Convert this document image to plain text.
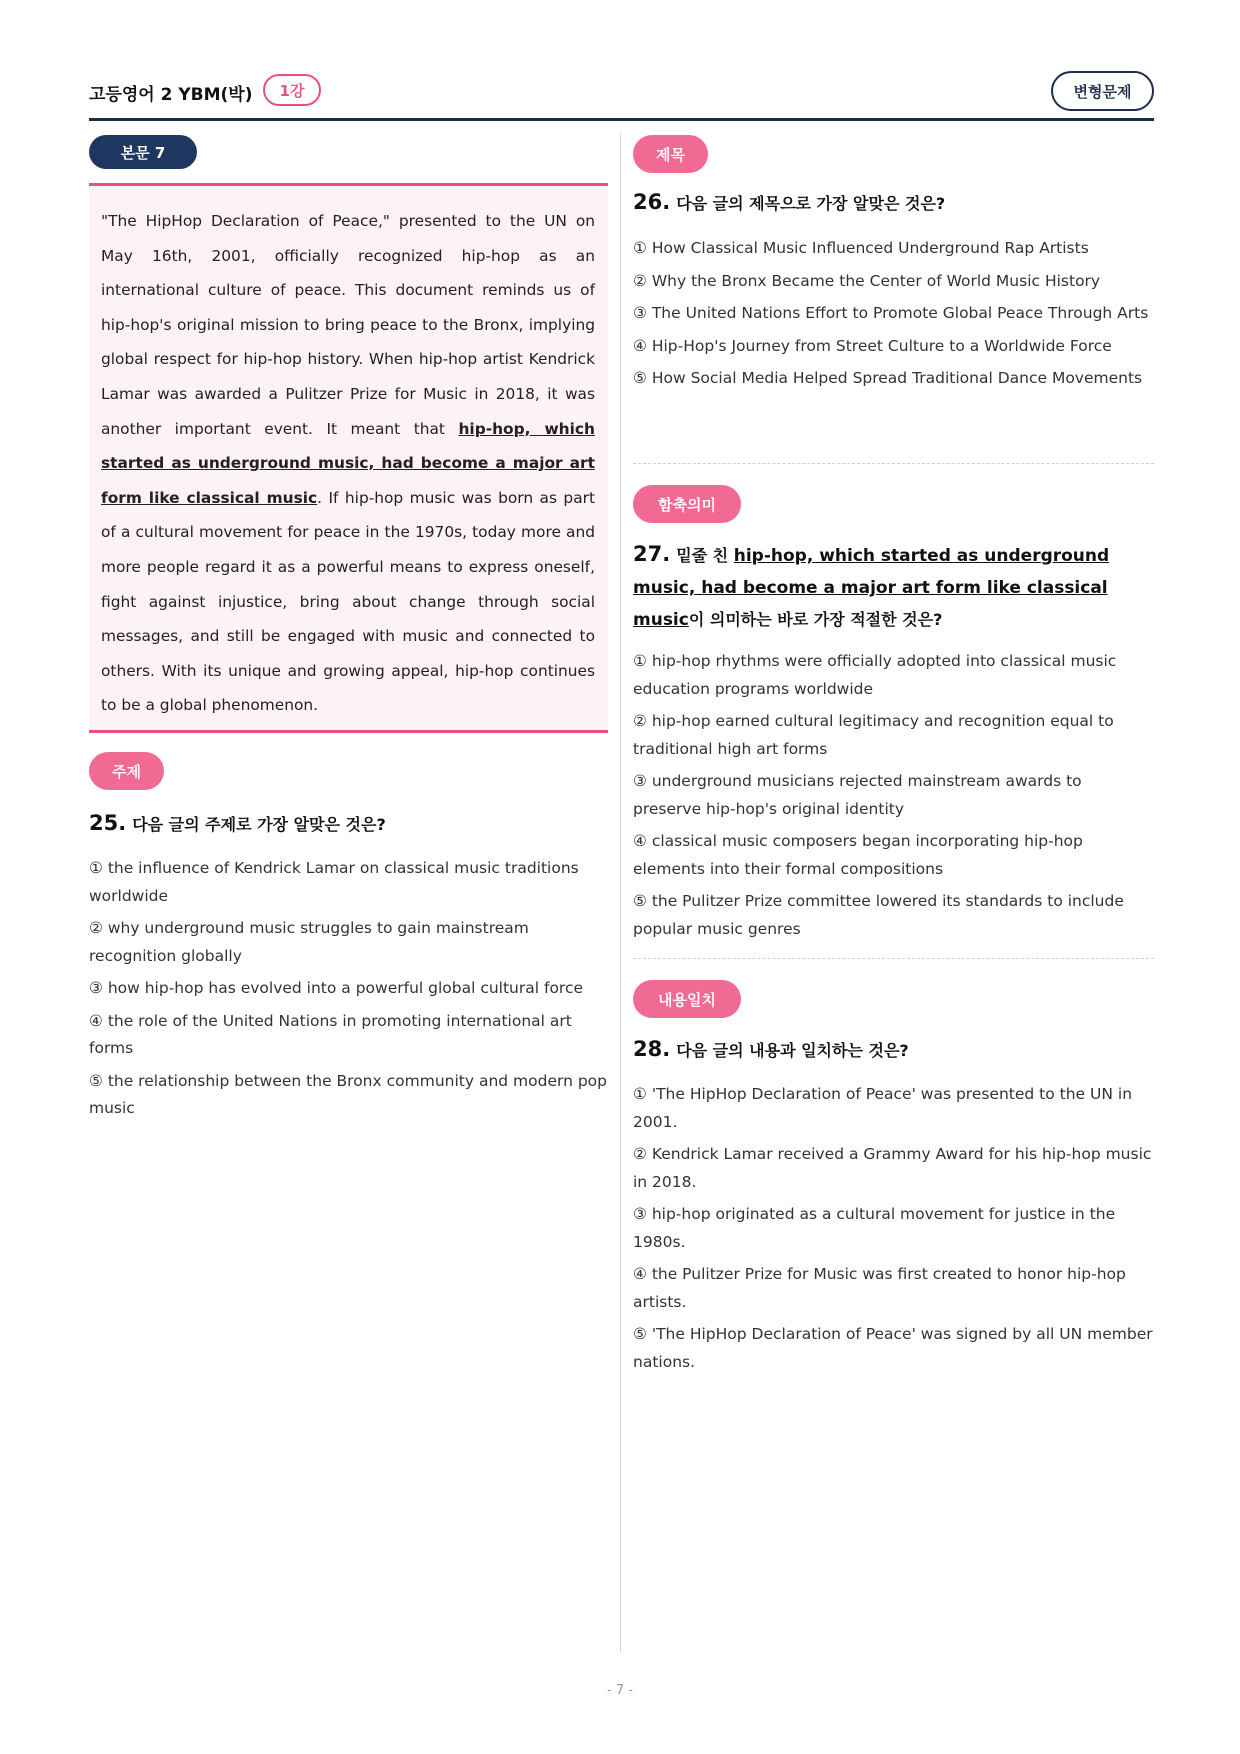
고등영어 2 YBM(박)	1강	변형문제
본문 7

"The HipHop Declaration of Peace," presented to the UN on May 16th, 2001, officially recognized hip-hop as an international culture of peace. This document reminds us of hip-hop's original mission to bring peace to the Bronx, implying global respect for hip-hop history. When hip-hop artist Kendrick Lamar was awarded a Pulitzer Prize for Music in 2018, it was another important event. It meant that hip-hop, which started as underground music, had become a major art form like classical music. If hip-hop music was born as part of a cultural movement for peace in the 1970s, today more and more people regard it as a powerful means to express oneself, fight against injustice, bring about change through social messages, and still be engaged with music and connected to others. With its unique and growing appeal, hip-hop continues to be a global phenomenon.

주제
25. 다음 글의 주제로 가장 알맞은 것은?
① the influence of Kendrick Lamar on classical music traditions worldwide
② why underground music struggles to gain mainstream recognition globally
③ how hip-hop has evolved into a powerful global cultural force
④ the role of the United Nations in promoting international art forms
⑤ the relationship between the Bronx community and modern pop music
제목
26. 다음 글의 제목으로 가장 알맞은 것은?
① How Classical Music Influenced Underground Rap Artists
② Why the Bronx Became the Center of World Music History
③ The United Nations Effort to Promote Global Peace Through Arts
④ Hip-Hop's Journey from Street Culture to a Worldwide Force
⑤ How Social Media Helped Spread Traditional Dance Movements
함축의미
27. 밑줄 친 hip-hop, which started as underground music, had become a major art form like classical music이 의미하는 바로 가장 적절한 것은?
① hip-hop rhythms were officially adopted into classical music education programs worldwide
② hip-hop earned cultural legitimacy and recognition equal to traditional high art forms
③ underground musicians rejected mainstream awards to preserve hip-hop's original identity
④ classical music composers began incorporating hip-hop elements into their formal compositions
⑤ the Pulitzer Prize committee lowered its standards to include popular music genres
내용일치
28. 다음 글의 내용과 일치하는 것은?
① 'The HipHop Declaration of Peace' was presented to the UN in 2001.
② Kendrick Lamar received a Grammy Award for his hip-hop music in 2018.
③ hip-hop originated as a cultural movement for justice in the 1980s.
④ the Pulitzer Prize for Music was first created to honor hip-hop artists.
⑤ 'The HipHop Declaration of Peace' was signed by all UN member nations.
- 7 -
